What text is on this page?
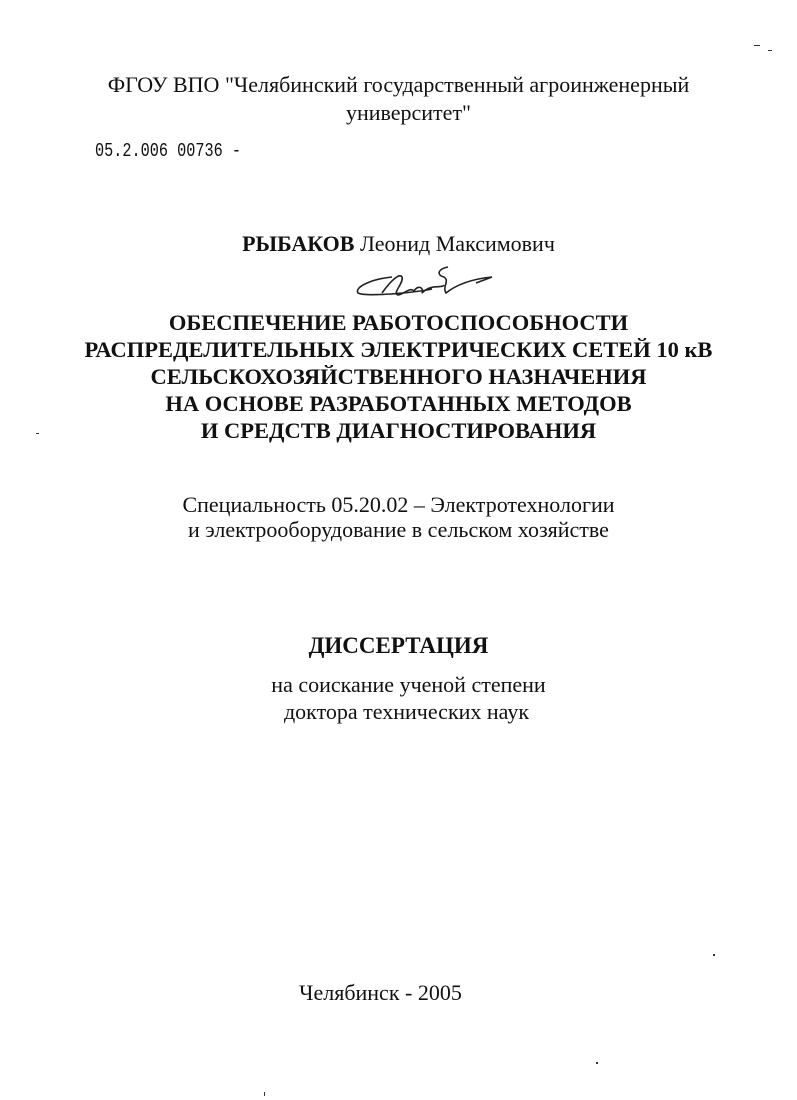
ФГОУ ВПО "Челябинский государственный агроинженерный
университет"
05.2.006 00736 -
РЫБАКОВ Леонид Максимович
ОБЕСПЕЧЕНИЕ РАБОТОСПОСОБНОСТИ
РАСПРЕДЕЛИТЕЛЬНЫХ ЭЛЕКТРИЧЕСКИХ СЕТЕЙ 10 кВ
СЕЛЬСКОХОЗЯЙСТВЕННОГО НАЗНАЧЕНИЯ
НА ОСНОВЕ РАЗРАБОТАННЫХ МЕТОДОВ
И СРЕДСТВ ДИАГНОСТИРОВАНИЯ
Специальность 05.20.02 – Электротехнологии
и электрооборудование в сельском хозяйстве
ДИССЕРТАЦИЯ
на соискание ученой степени
доктора технических наук
Челябинск - 2005
